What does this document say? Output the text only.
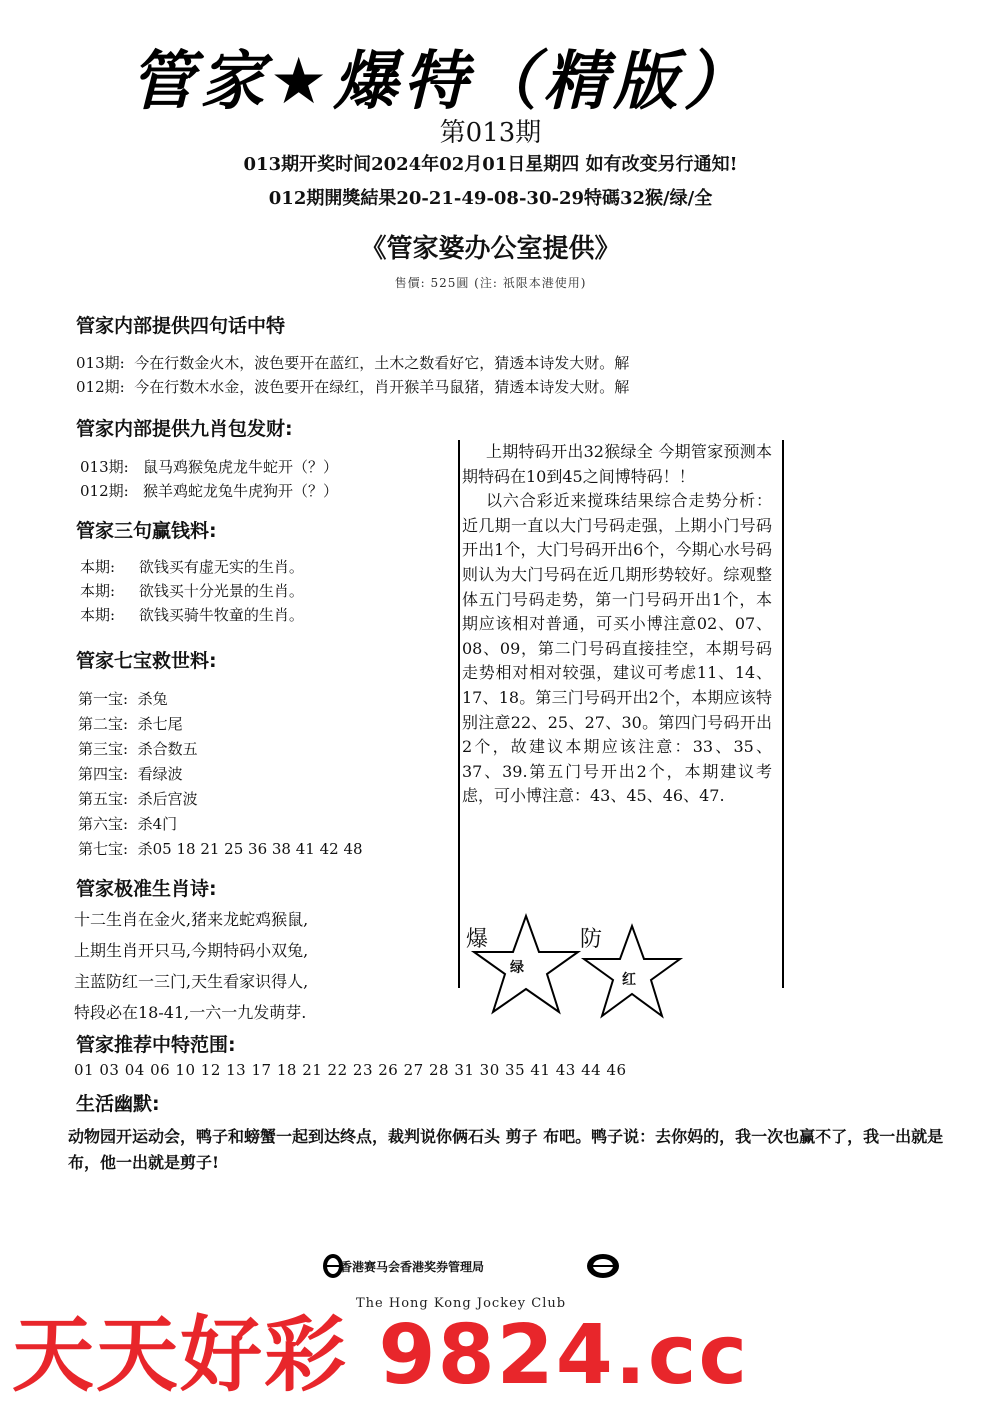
管家★爆特（精版）
第013期
013期开奖时间2024年02月01日星期四 如有改变另行通知!
012期開獎結果20-21-49-08-30-29特碼32猴/绿/全
《管家婆办公室提供》
售價: 525圓 (注: 祇限本港使用)
管家内部提供四句话中特
013期: 今在行数金火木，波色要开在蓝红，土木之数看好它，猜透本诗发大财。解
012期: 今在行数木水金，波色要开在绿红，肖开猴羊马鼠猪，猜透本诗发大财。解
管家内部提供九肖包发财:
013期: 鼠马鸡猴兔虎龙牛蛇开（？）
012期: 猴羊鸡蛇龙兔牛虎狗开（？）
管家三句赢钱料:
本期: 欲钱买有虚无实的生肖。
本期: 欲钱买十分光景的生肖。
本期: 欲钱买骑牛牧童的生肖。
管家七宝救世料:
第一宝: 杀兔
第二宝: 杀七尾
第三宝: 杀合数五
第四宝: 看绿波
第五宝: 杀后宫波
第六宝: 杀4门
第七宝: 杀05 18 21 25 36 38 41 42 48
管家极准生肖诗:
十二生肖在金火,猪来龙蛇鸡猴鼠,
上期生肖开只马,今期特码小双兔,
主蓝防红一三门,天生看家识得人,
特段必在18-41,一六一九发萌芽.
管家推荐中特范围:
01 03 04 06 10 12 13 17 18 21 22 23 26 27 28 31 30 35 41 43 44 46
生活幽默:
动物园开运动会，鸭子和螃蟹一起到达终点，裁判说你俩石头 剪子 布吧。鸭子说：去你妈的，我一次也赢不了，我一出就是布，他一出就是剪子!

上期特码开出32猴绿全 今期管家预测本期特码在10到45之间博特码！！

以六合彩近来搅珠结果综合走势分析：近几期一直以大门号码走强，上期小门号码开出1个，大门号码开出6个，今期心水号码则认为大门号码在近几期形势较好。综观整体五门号码走势，第一门号码开出1个，本期应该相对普通，可买小博注意02、07、08、09，第二门号码直接挂空，本期号码走势相对相对较强，建议可考虑11、14、17、18。第三门号码开出2个，本期应该特别注意22、25、27、30。第四门号码开出2个，故建议本期应该注意：33、35、37、39.第五门号开出2个，本期建议考虑，可小博注意：43、45、46、47.

爆
绿
防
红
香港赛马会香港奖券管理局
The Hong Kong Jockey Club
天天好彩 9824.cc
